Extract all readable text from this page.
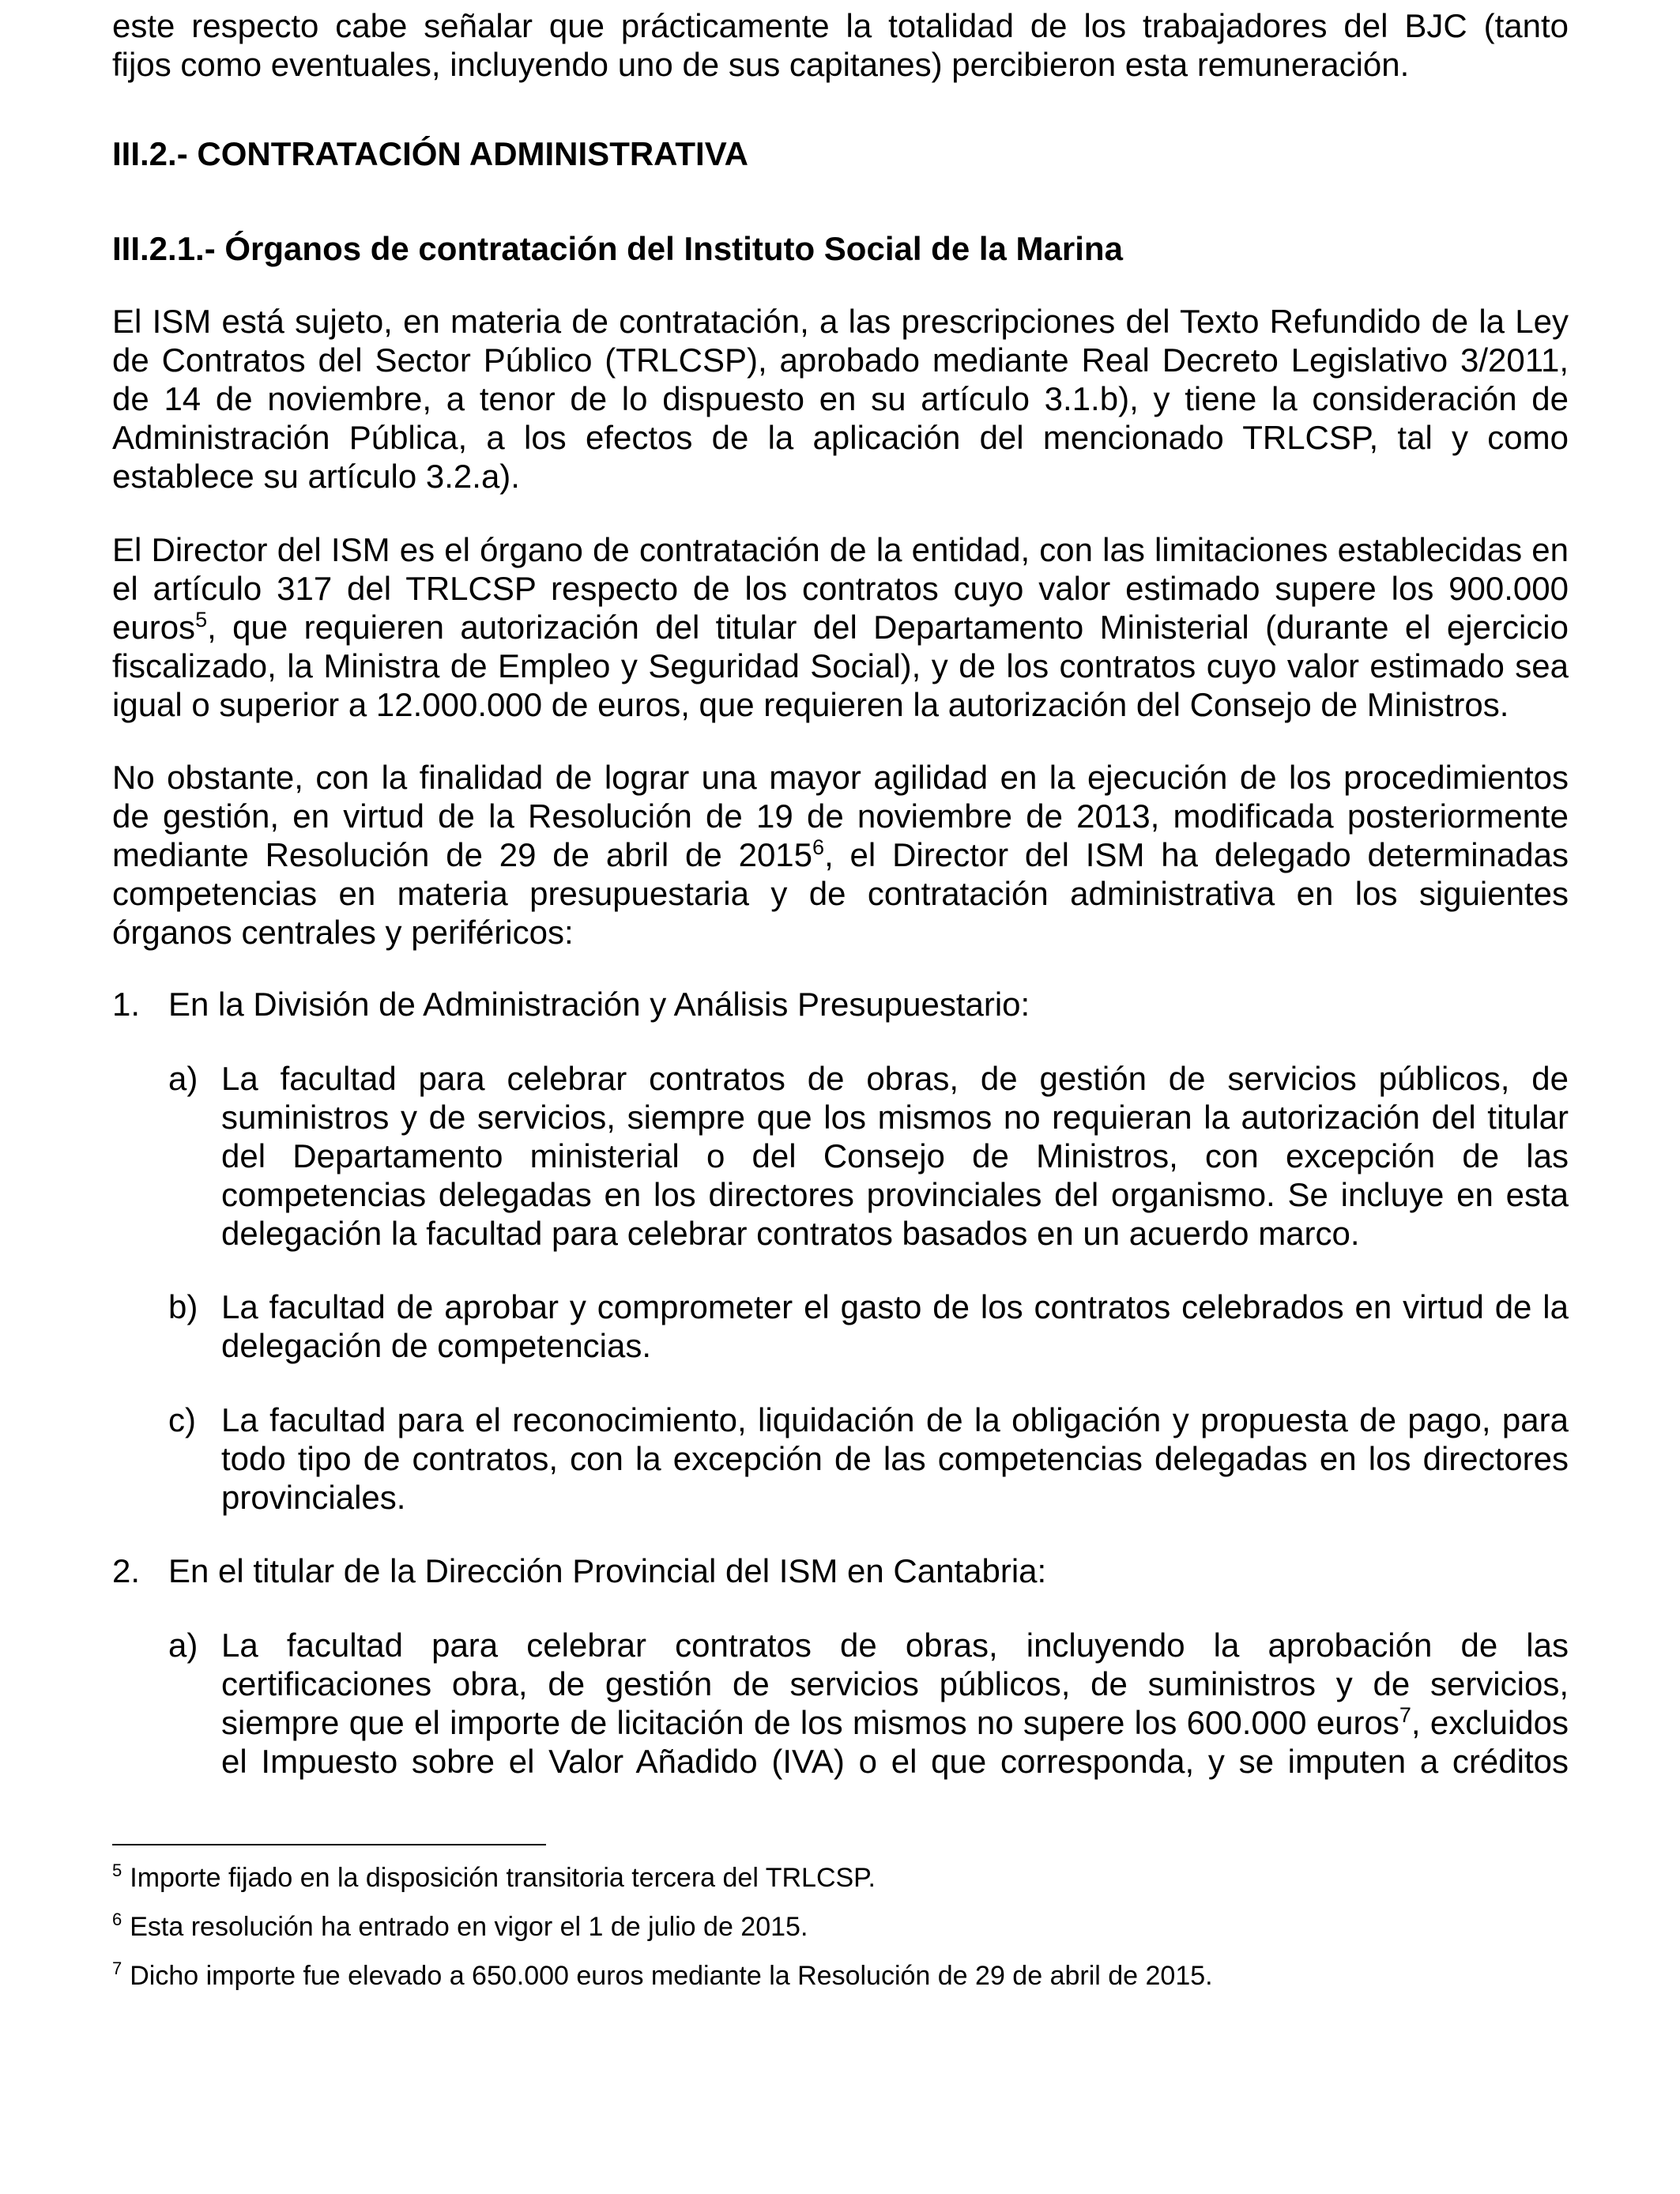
este respecto cabe señalar que prácticamente la totalidad de los trabajadores del BJC (tanto
fijos como eventuales, incluyendo uno de sus capitanes) percibieron esta remuneración.
III.2.- CONTRATACIÓN ADMINISTRATIVA
III.2.1.- Órganos de contratación del Instituto Social de la Marina
El ISM está sujeto, en materia de contratación, a las prescripciones del Texto Refundido de la Ley
de Contratos del Sector Público (TRLCSP), aprobado mediante Real Decreto Legislativo 3/2011,
de 14 de noviembre, a tenor de lo dispuesto en su artículo 3.1.b), y tiene la consideración de
Administración Pública, a los efectos de la aplicación del mencionado TRLCSP, tal y como
establece su artículo 3.2.a).
El Director del ISM es el órgano de contratación de la entidad, con las limitaciones establecidas en
el artículo 317 del TRLCSP respecto de los contratos cuyo valor estimado supere los 900.000
euros$^5$, que requieren autorización del titular del Departamento Ministerial (durante el ejercicio
fiscalizado, la Ministra de Empleo y Seguridad Social), y de los contratos cuyo valor estimado sea
igual o superior a 12.000.000 de euros, que requieren la autorización del Consejo de Ministros.
No obstante, con la finalidad de lograr una mayor agilidad en la ejecución de los procedimientos
de gestión, en virtud de la Resolución de 19 de noviembre de 2013, modificada posteriormente
mediante Resolución de 29 de abril de 2015$^6$, el Director del ISM ha delegado determinadas
competencias en materia presupuestaria y de contratación administrativa en los siguientes
órganos centrales y periféricos:
1. En la División de Administración y Análisis Presupuestario:
a) La facultad para celebrar contratos de obras, de gestión de servicios públicos, de
suministros y de servicios, siempre que los mismos no requieran la autorización del titular
del Departamento ministerial o del Consejo de Ministros, con excepción de las
competencias delegadas en los directores provinciales del organismo. Se incluye en esta
delegación la facultad para celebrar contratos basados en un acuerdo marco.
b) La facultad de aprobar y comprometer el gasto de los contratos celebrados en virtud de la
delegación de competencias.
c) La facultad para el reconocimiento, liquidación de la obligación y propuesta de pago, para
todo tipo de contratos, con la excepción de las competencias delegadas en los directores
provinciales.
2. En el titular de la Dirección Provincial del ISM en Cantabria:
a) La facultad para celebrar contratos de obras, incluyendo la aprobación de las
certificaciones obra, de gestión de servicios públicos, de suministros y de servicios,
siempre que el importe de licitación de los mismos no supere los 600.000 euros$^7$, excluidos
el Impuesto sobre el Valor Añadido (IVA) o el que corresponda, y se imputen a créditos
$^5$ Importe fijado en la disposición transitoria tercera del TRLCSP.
$^6$ Esta resolución ha entrado en vigor el 1 de julio de 2015.
$^7$ Dicho importe fue elevado a 650.000 euros mediante la Resolución de 29 de abril de 2015.
